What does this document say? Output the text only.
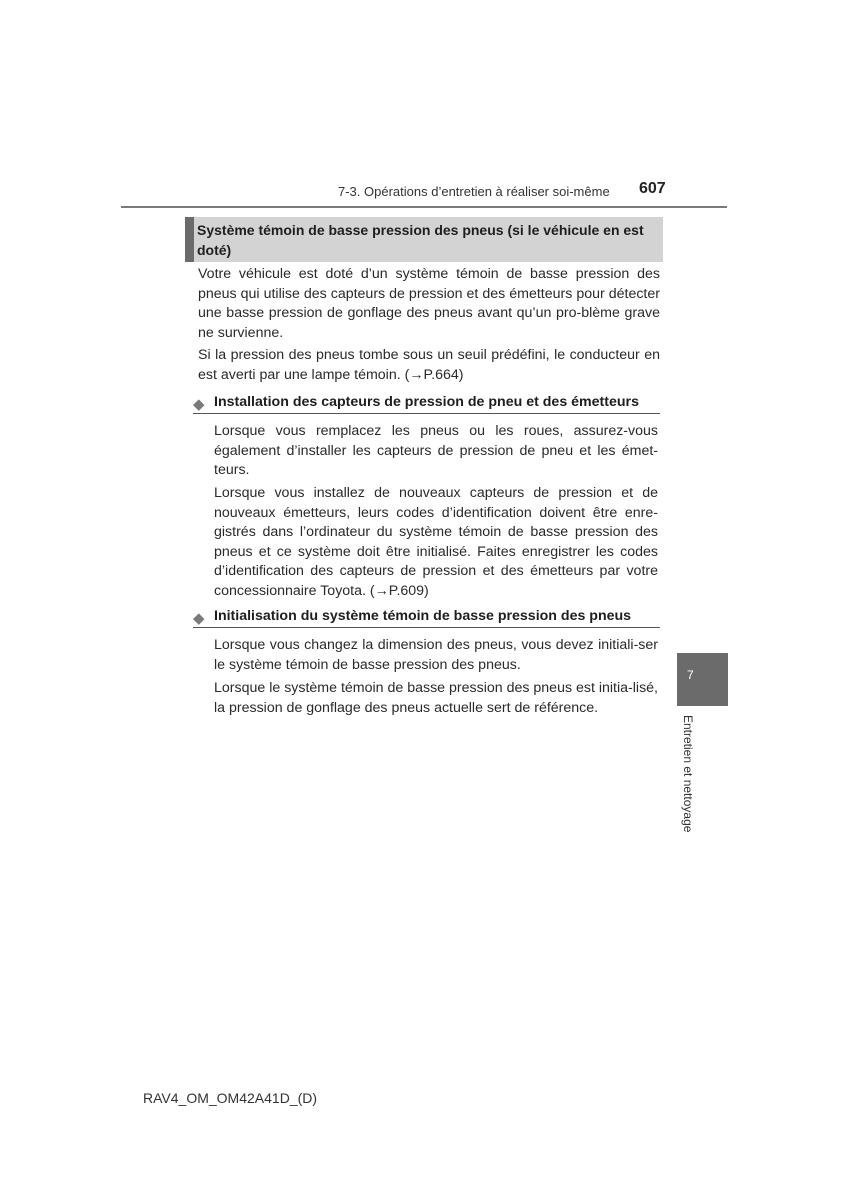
7-3. Opérations d’entretien à réaliser soi-même 607
Système témoin de basse pression des pneus (si le véhicule en est doté)

Votre véhicule est doté d’un système témoin de basse pression des pneus qui utilise des capteurs de pression et des émetteurs pour détecter une basse pression de gonflage des pneus avant qu’un pro-blème grave ne survienne.

Si la pression des pneus tombe sous un seuil prédéfini, le conducteur en est averti par une lampe témoin. (→P.664)

◆ Installation des capteurs de pression de pneu et des émetteurs

Lorsque vous remplacez les pneus ou les roues, assurez-vous également d’installer les capteurs de pression de pneu et les émet-teurs.

Lorsque vous installez de nouveaux capteurs de pression et de nouveaux émetteurs, leurs codes d’identification doivent être enre-gistrés dans l’ordinateur du système témoin de basse pression des pneus et ce système doit être initialisé. Faites enregistrer les codes d’identification des capteurs de pression et des émetteurs par votre concessionnaire Toyota. (→P.609)

◆ Initialisation du système témoin de basse pression des pneus

Lorsque vous changez la dimension des pneus, vous devez initiali-ser le système témoin de basse pression des pneus.

Lorsque le système témoin de basse pression des pneus est initia-lisé, la pression de gonflage des pneus actuelle sert de référence.

7
Entretien et nettoyage
RAV4_OM_OM42A41D_(D)
